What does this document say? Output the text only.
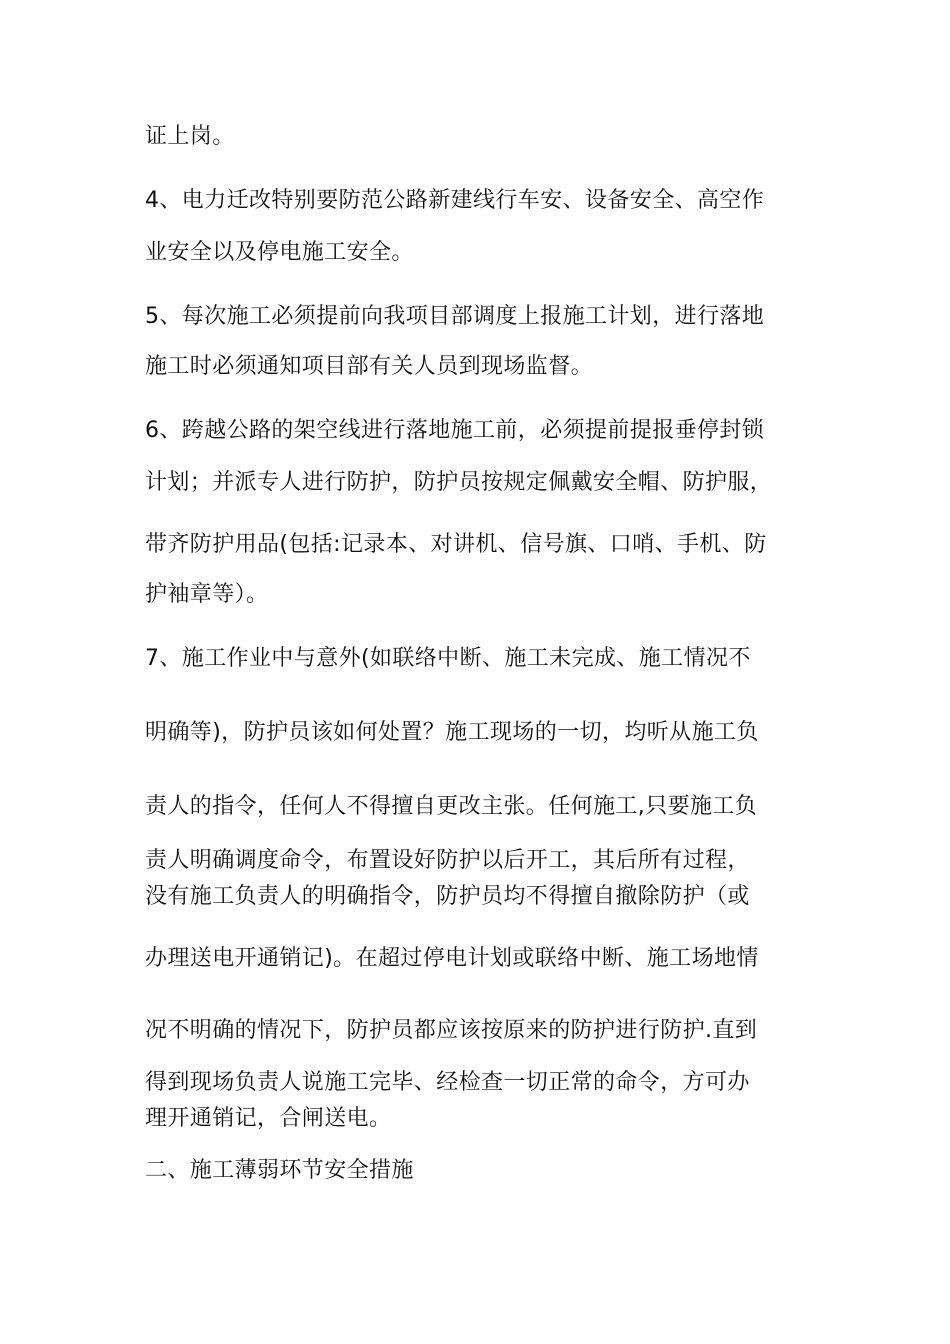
证上岗。
4、电力迁改特别要防范公路新建线行车安、设备安全、高空作
业安全以及停电施工安全。
5、每次施工必须提前向我项目部调度上报施工计划，进行落地
施工时必须通知项目部有关人员到现场监督。
6、跨越公路的架空线进行落地施工前，必须提前提报垂停封锁
计划；并派专人进行防护，防护员按规定佩戴安全帽、防护服，
带齐防护用品(包括:记录本、对讲机、信号旗、口哨、手机、防
护袖章等）。
7、施工作业中与意外(如联络中断、施工未完成、施工情况不
明确等)，防护员该如何处置？施工现场的一切，均听从施工负
责人的指令，任何人不得擅自更改主张。任何施工,只要施工负
责人明确调度命令，布置设好防护以后开工，其后所有过程，
没有施工负责人的明确指令，防护员均不得擅自撤除防护（或
办理送电开通销记)。在超过停电计划或联络中断、施工场地情
况不明确的情况下，防护员都应该按原来的防护进行防护.直到
得到现场负责人说施工完毕、经检查一切正常的命令，方可办
理开通销记，合闸送电。
二、施工薄弱环节安全措施
